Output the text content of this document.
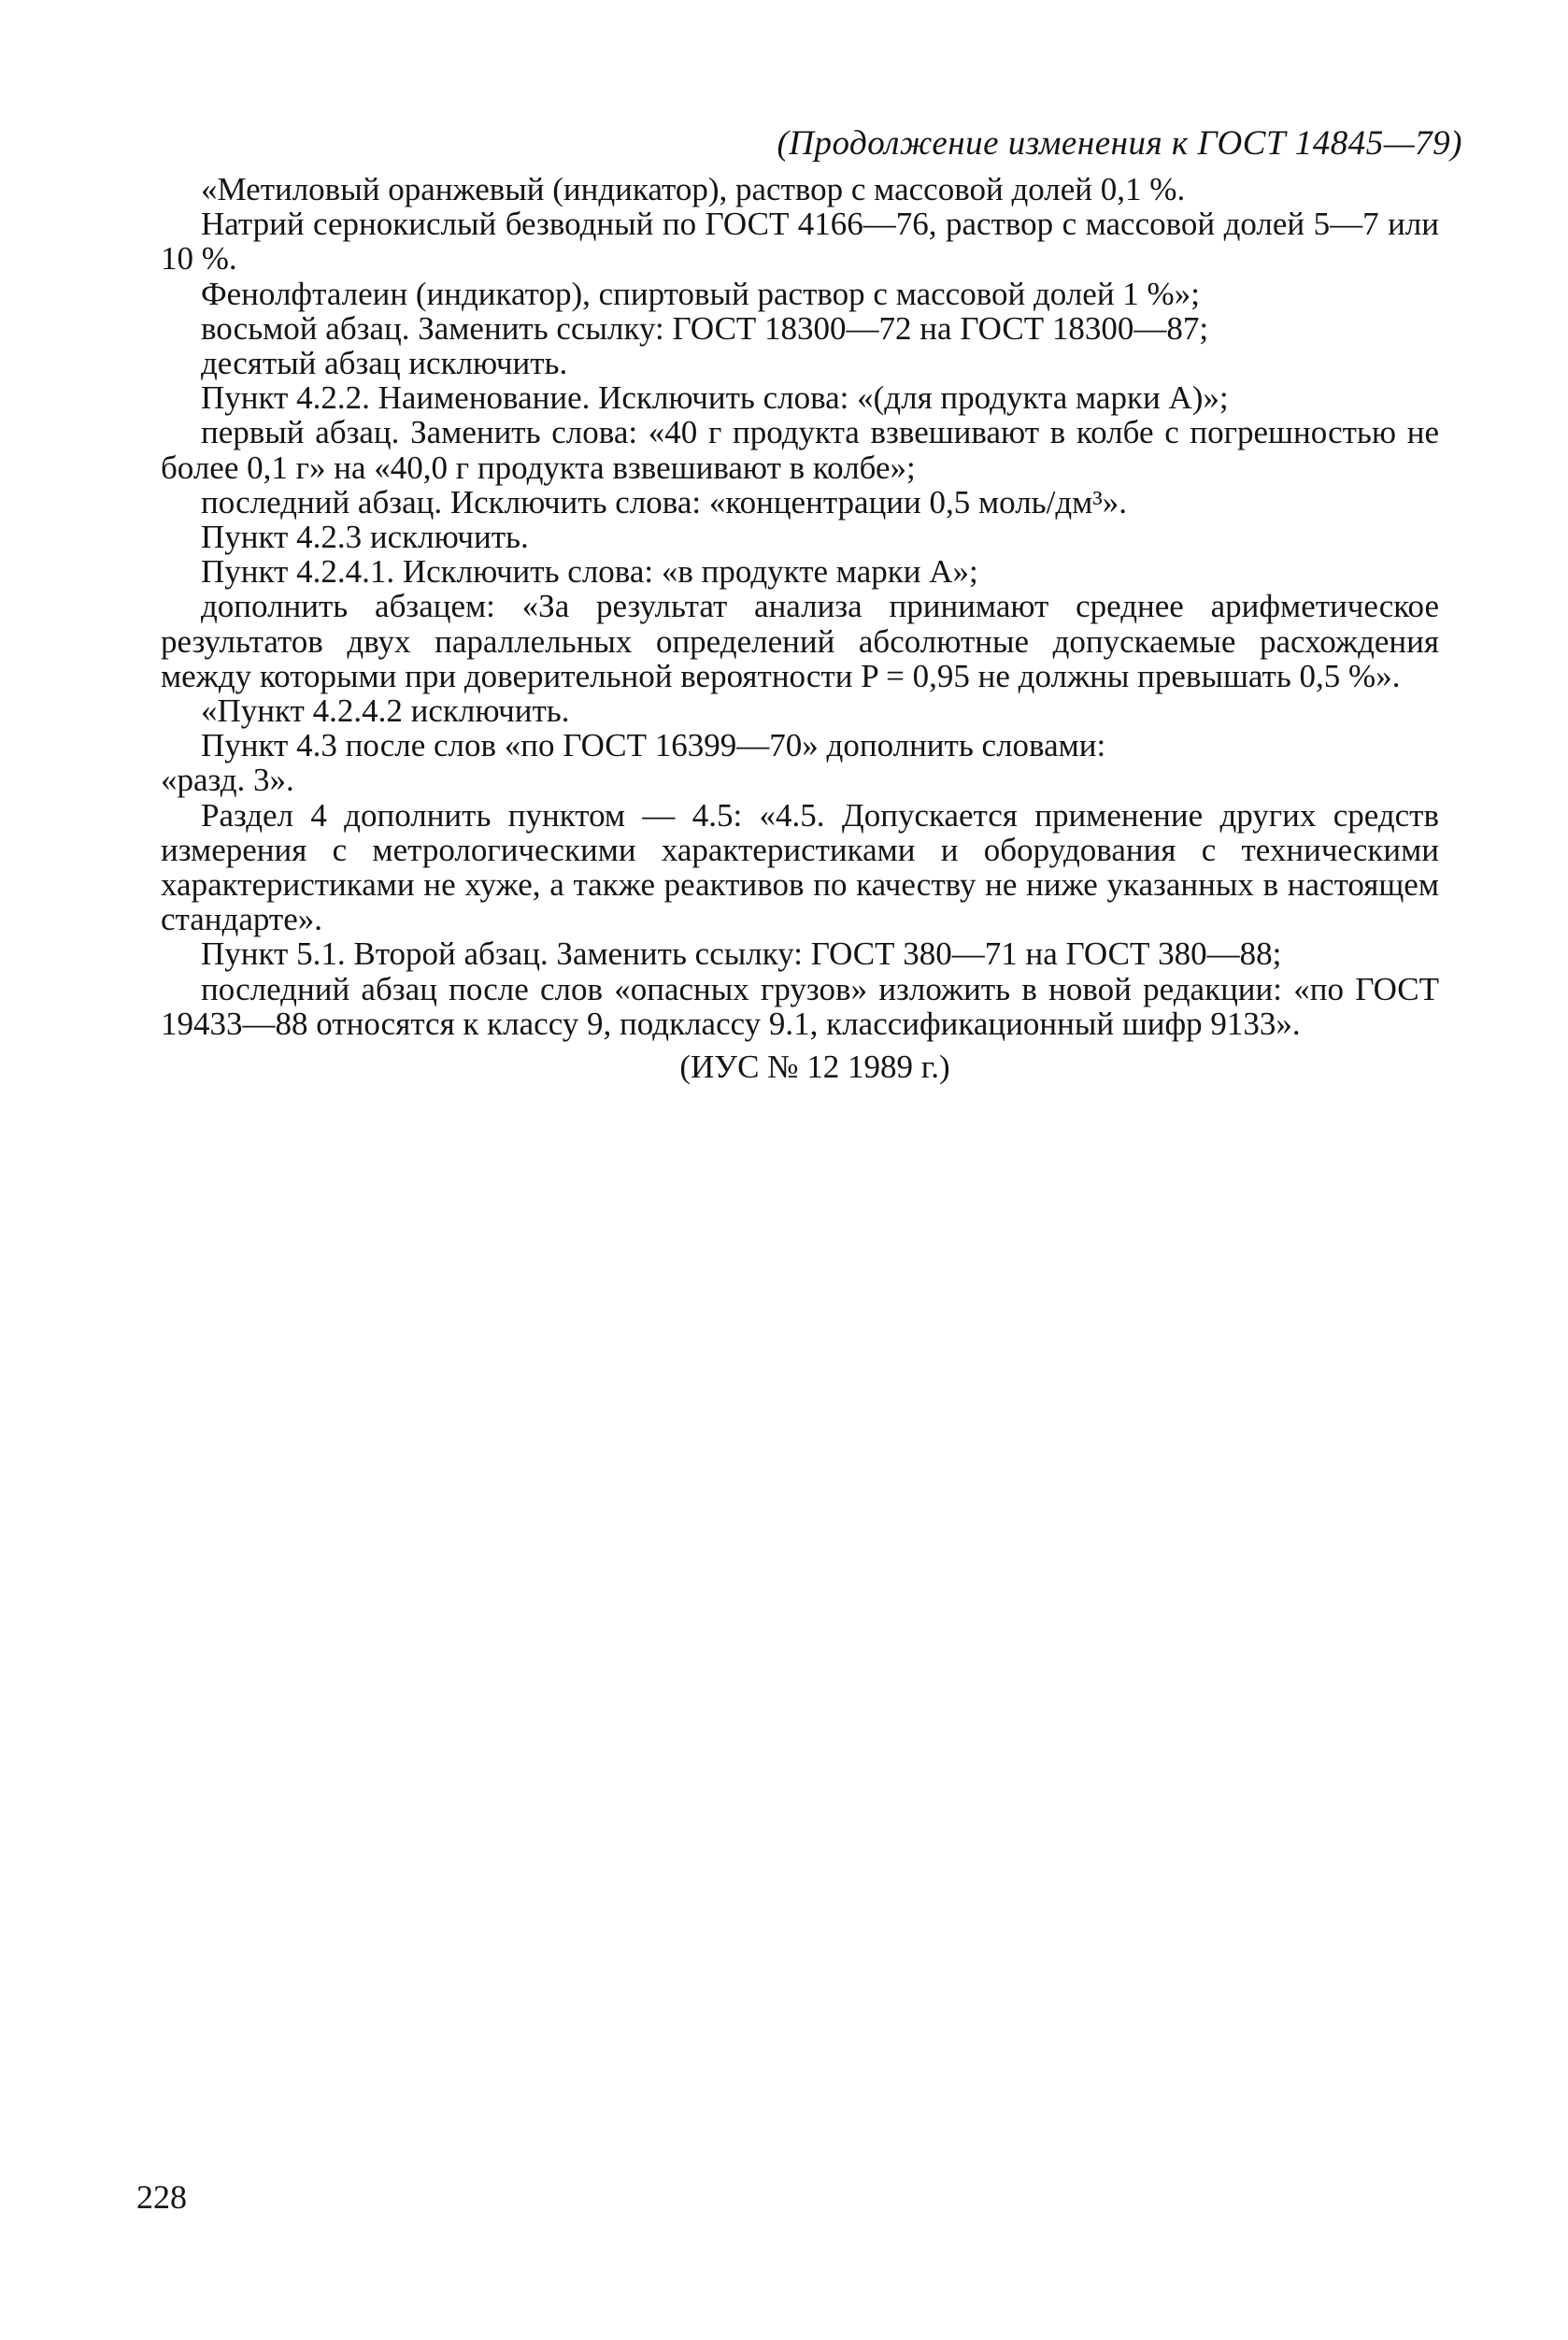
(Продолжение изменения к ГОСТ 14845—79)

«Метиловый оранжевый (индикатор), раствор с массовой долей 0,1 %.

Натрий сернокислый безводный по ГОСТ 4166—76, раствор с массовой долей 5—7 или 10 %.

Фенолфталеин (индикатор), спиртовый раствор с массовой долей 1 %»;

восьмой абзац. Заменить ссылку: ГОСТ 18300—72 на ГОСТ 18300—87;

десятый абзац исключить.

Пункт 4.2.2. Наименование. Исключить слова: «(для продукта марки А)»;

первый абзац. Заменить слова: «40 г продукта взвешивают в колбе с погрешностью не более 0,1 г» на «40,0 г продукта взвешивают в колбе»;

последний абзац. Исключить слова: «концентрации 0,5 моль/дм³».

Пункт 4.2.3 исключить.

Пункт 4.2.4.1. Исключить слова: «в продукте марки А»;

дополнить абзацем: «За результат анализа принимают среднее арифметическое результатов двух параллельных определений абсолютные допускаемые расхождения между которыми при доверительной вероятности P = 0,95 не должны превышать 0,5 %».

«Пункт 4.2.4.2 исключить.

Пункт 4.3 после слов «по ГОСТ 16399—70» дополнить словами:

«разд. 3».

Раздел 4 дополнить пунктом — 4.5: «4.5. Допускается применение других средств измерения с метрологическими характеристиками и оборудования с техническими характеристиками не хуже, а также реактивов по качеству не ниже указанных в настоящем стандарте».

Пункт 5.1. Второй абзац. Заменить ссылку: ГОСТ 380—71 на ГОСТ 380—88;

последний абзац после слов «опасных грузов» изложить в новой редакции: «по ГОСТ 19433—88 относятся к классу 9, подклассу 9.1, классификационный шифр 9133».

(ИУС № 12 1989 г.)

228
